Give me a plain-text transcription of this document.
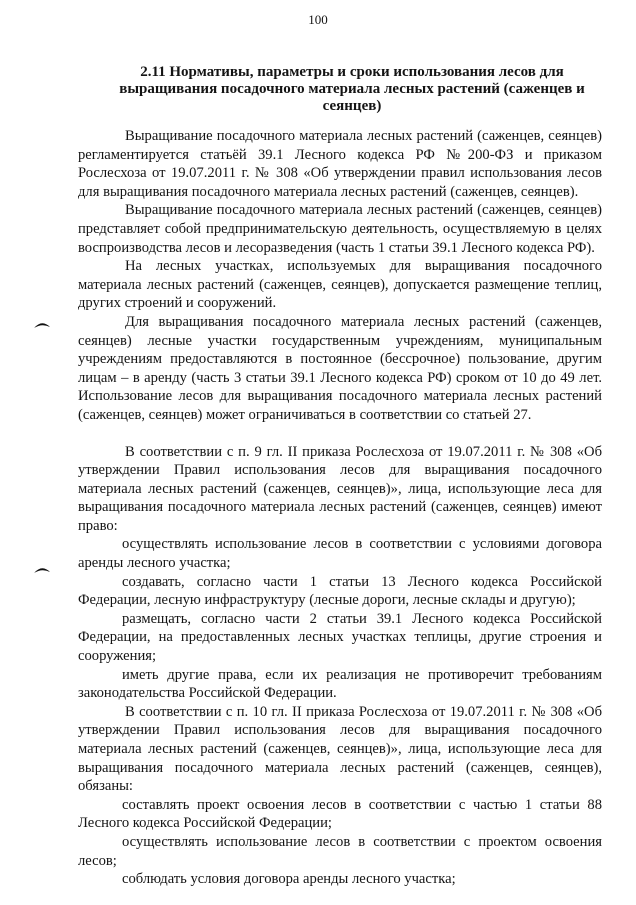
100
2.11 Нормативы, параметры и сроки использования лесов для
выращивания посадочного материала лесных растений (саженцев и
сеянцев)

Выращивание посадочного материала лесных растений (саженцев, сеянцев) регламентируется статьёй 39.1 Лесного кодекса РФ №200-ФЗ и приказом Рослесхоза от 19.07.2011 г. № 308 «Об утверждении правил использования лесов для выращивания посадочного материала лесных растений (саженцев, сеянцев).

Выращивание посадочного материала лесных растений (саженцев, сеянцев) представляет собой предпринимательскую деятельность, осуществляемую в целях воспроизводства лесов и лесоразведения (часть 1 статьи 39.1 Лесного кодекса РФ).

На лесных участках, используемых для выращивания посадочного материала лесных растений (саженцев, сеянцев), допускается размещение теплиц, других строений и сооружений.

Для выращивания посадочного материала лесных растений (саженцев, сеянцев) лесные участки государственным учреждениям, муниципальным учреждениям предоставляются в постоянное (бессрочное) пользование, другим лицам – в аренду (часть 3 статьи 39.1 Лесного кодекса РФ) сроком от 10 до 49 лет. Использование лесов для выращивания посадочного материала лесных растений (саженцев, сеянцев) может ограничиваться в соответствии со статьей 27.

В соответствии с п. 9 гл. II приказа Рослесхоза от 19.07.2011 г. № 308 «Об утверждении Правил использования лесов для выращивания посадочного материала лесных растений (саженцев, сеянцев)», лица, использующие леса для выращивания посадочного материала лесных растений (саженцев, сеянцев) имеют право:

осуществлять использование лесов в соответствии с условиями договора аренды лесного участка;

создавать, согласно части 1 статьи 13 Лесного кодекса Российской Федерации, лесную инфраструктуру (лесные дороги, лесные склады и другую);

размещать, согласно части 2 статьи 39.1 Лесного кодекса Российской Федерации, на предоставленных лесных участках теплицы, другие строения и сооружения;

иметь другие права, если их реализация не противоречит требованиям законодательства Российской Федерации.

В соответствии с п. 10 гл. II приказа Рослесхоза от 19.07.2011 г. № 308 «Об утверждении Правил использования лесов для выращивания посадочного материала лесных растений (саженцев, сеянцев)», лица, использующие леса для выращивания посадочного материала лесных растений (саженцев, сеянцев), обязаны:

составлять проект освоения лесов в соответствии с частью 1 статьи 88 Лесного кодекса Российской Федерации;

осуществлять использование лесов в соответствии с проектом освоения лесов;

соблюдать условия договора аренды лесного участка;
